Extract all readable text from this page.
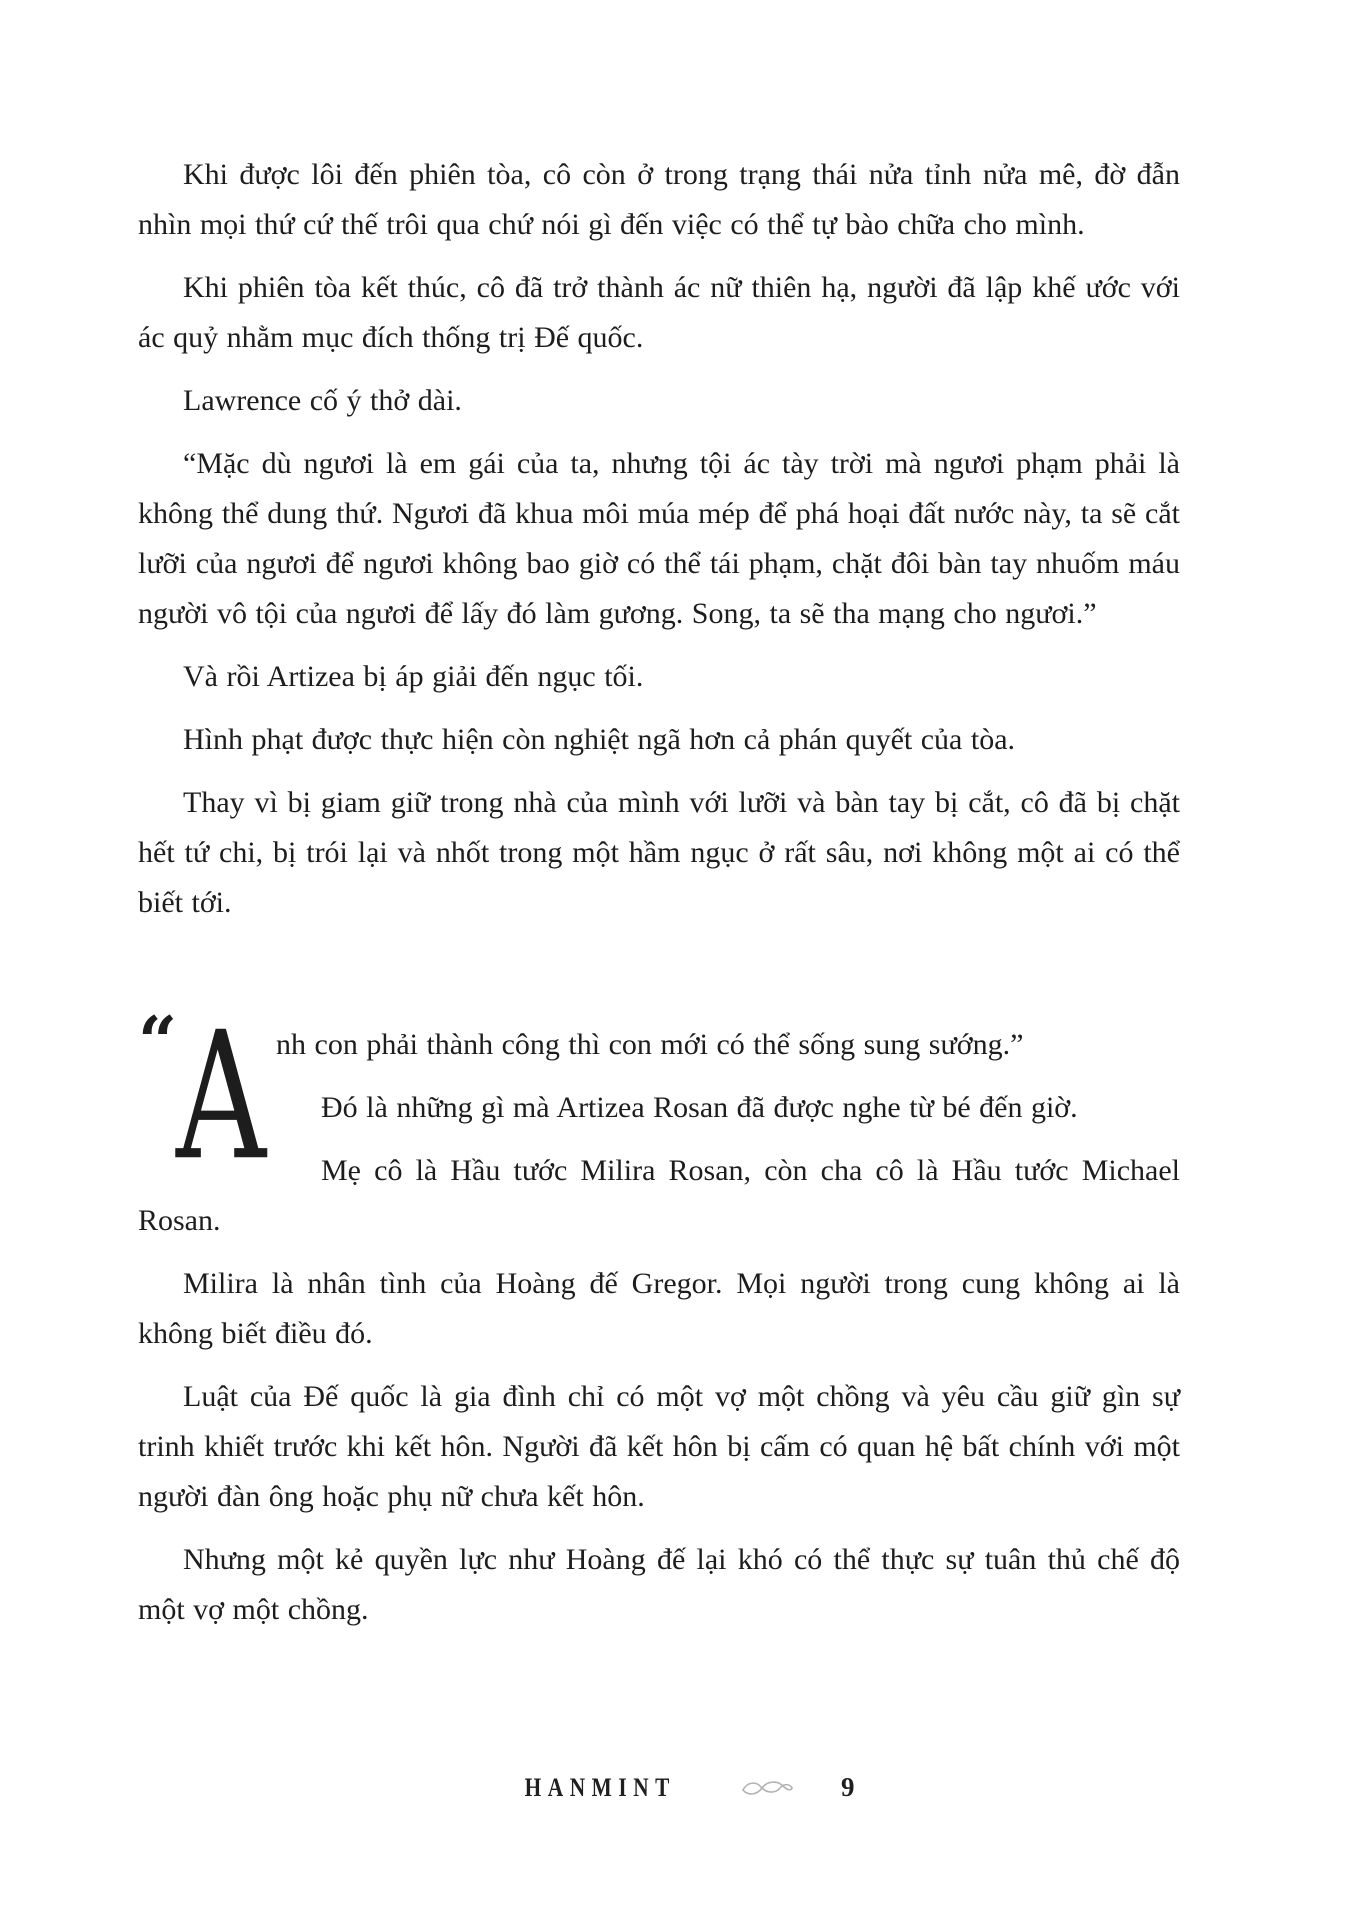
Khi được lôi đến phiên tòa, cô còn ở trong trạng thái nửa tỉnh nửa mê, đờ đẫn nhìn mọi thứ cứ thế trôi qua chứ nói gì đến việc có thể tự bào chữa cho mình.

Khi phiên tòa kết thúc, cô đã trở thành ác nữ thiên hạ, người đã lập khế ước với ác quỷ nhằm mục đích thống trị Đế quốc.

Lawrence cố ý thở dài.

“Mặc dù ngươi là em gái của ta, nhưng tội ác tày trời mà ngươi phạm phải là không thể dung thứ. Ngươi đã khua môi múa mép để phá hoại đất nước này, ta sẽ cắt lưỡi của ngươi để ngươi không bao giờ có thể tái phạm, chặt đôi bàn tay nhuốm máu người vô tội của ngươi để lấy đó làm gương. Song, ta sẽ tha mạng cho ngươi.”

Và rồi Artizea bị áp giải đến ngục tối.

Hình phạt được thực hiện còn nghiệt ngã hơn cả phán quyết của tòa.

Thay vì bị giam giữ trong nhà của mình với lưỡi và bàn tay bị cắt, cô đã bị chặt hết tứ chi, bị trói lại và nhốt trong một hầm ngục ở rất sâu, nơi không một ai có thể biết tới.

“
A nh con phải thành công thì con mới có thể sống sung sướng.”

Đó là những gì mà Artizea Rosan đã được nghe từ bé đến giờ.

Mẹ cô là Hầu tước Milira Rosan, còn cha cô là Hầu tước Michael Rosan.

Milira là nhân tình của Hoàng đế Gregor. Mọi người trong cung không ai là không biết điều đó.

Luật của Đế quốc là gia đình chỉ có một vợ một chồng và yêu cầu giữ gìn sự trinh khiết trước khi kết hôn. Người đã kết hôn bị cấm có quan hệ bất chính với một người đàn ông hoặc phụ nữ chưa kết hôn.

Nhưng một kẻ quyền lực như Hoàng đế lại khó có thể thực sự tuân thủ chế độ một vợ một chồng.

HANMINT	9
